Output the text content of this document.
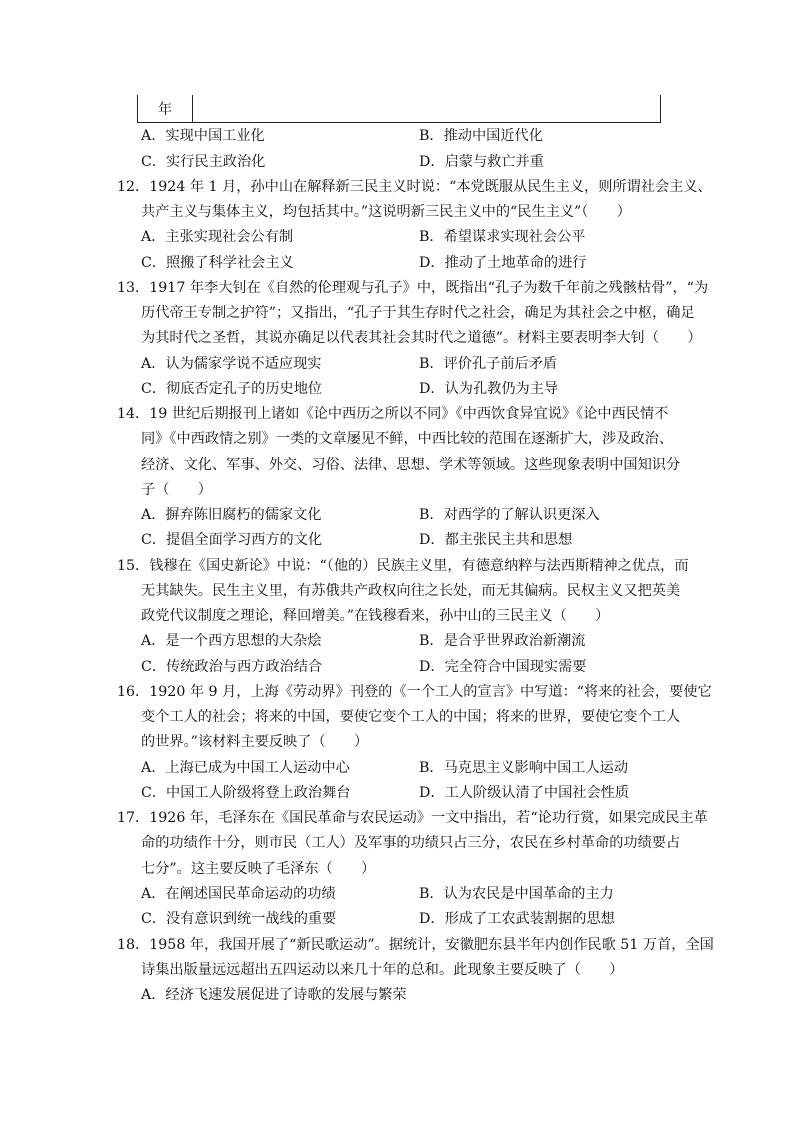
年
A．实现中国工业化	B．推动中国近代化
C．实行民主政治化	D．启蒙与救亡并重
12．1924 年 1 月，孙中山在解释新三民主义时说：“本党既服从民生主义，则所谓社会主义、
共产主义与集体主义，均包括其中。”这说明新三民主义中的“民生主义”（　　）
A．主张实现社会公有制	B．希望谋求实现社会公平
C．照搬了科学社会主义	D．推动了土地革命的进行
13．1917 年李大钊在《自然的伦理观与孔子》中，既指出“孔子为数千年前之残骸枯骨”，“为
历代帝王专制之护符”；又指出，“孔子于其生存时代之社会，确足为其社会之中枢，确足
为其时代之圣哲，其说亦确足以代表其社会其时代之道德”。材料主要表明李大钊（　　）
A．认为儒家学说不适应现实	B．评价孔子前后矛盾
C．彻底否定孔子的历史地位	D．认为孔教仍为主导
14．19 世纪后期报刊上诸如《论中西历之所以不同》《中西饮食异宜说》《论中西民情不
同》《中西政情之别》一类的文章屡见不鲜，中西比较的范围在逐渐扩大，涉及政治、
经济、文化、军事、外交、习俗、法律、思想、学术等领域。这些现象表明中国知识分
子（　　）
A．摒弃陈旧腐朽的儒家文化	B．对西学的了解认识更深入
C．提倡全面学习西方的文化	D．都主张民主共和思想
15．钱穆在《国史新论》中说：“（他的）民族主义里，有德意纳粹与法西斯精神之优点，而
无其缺失。民生主义里，有苏俄共产政权向往之长处，而无其偏病。民权主义又把英美
政党代议制度之理论，释回增美。”在钱穆看来，孙中山的三民主义（　　）
A．是一个西方思想的大杂烩	B．是合乎世界政治新潮流
C．传统政治与西方政治结合	D．完全符合中国现实需要
16．1920 年 9 月，上海《劳动界》刊登的《一个工人的宣言》中写道：“将来的社会，要使它
变个工人的社会；将来的中国，要使它变个工人的中国；将来的世界，要使它变个工人
的世界。”该材料主要反映了（　　）
A．上海已成为中国工人运动中心	B．马克思主义影响中国工人运动
C．中国工人阶级将登上政治舞台	D．工人阶级认清了中国社会性质
17．1926 年，毛泽东在《国民革命与农民运动》一文中指出，若“论功行赏，如果完成民主革
命的功绩作十分，则市民（工人）及军事的功绩只占三分，农民在乡村革命的功绩要占
七分”。这主要反映了毛泽东（　　）
A．在阐述国民革命运动的功绩	B．认为农民是中国革命的主力
C．没有意识到统一战线的重要	D．形成了工农武装割据的思想
18．1958 年，我国开展了“新民歌运动”。据统计，安徽肥东县半年内创作民歌 51 万首，全国
诗集出版量远远超出五四运动以来几十年的总和。此现象主要反映了（　　）
A．经济飞速发展促进了诗歌的发展与繁荣
